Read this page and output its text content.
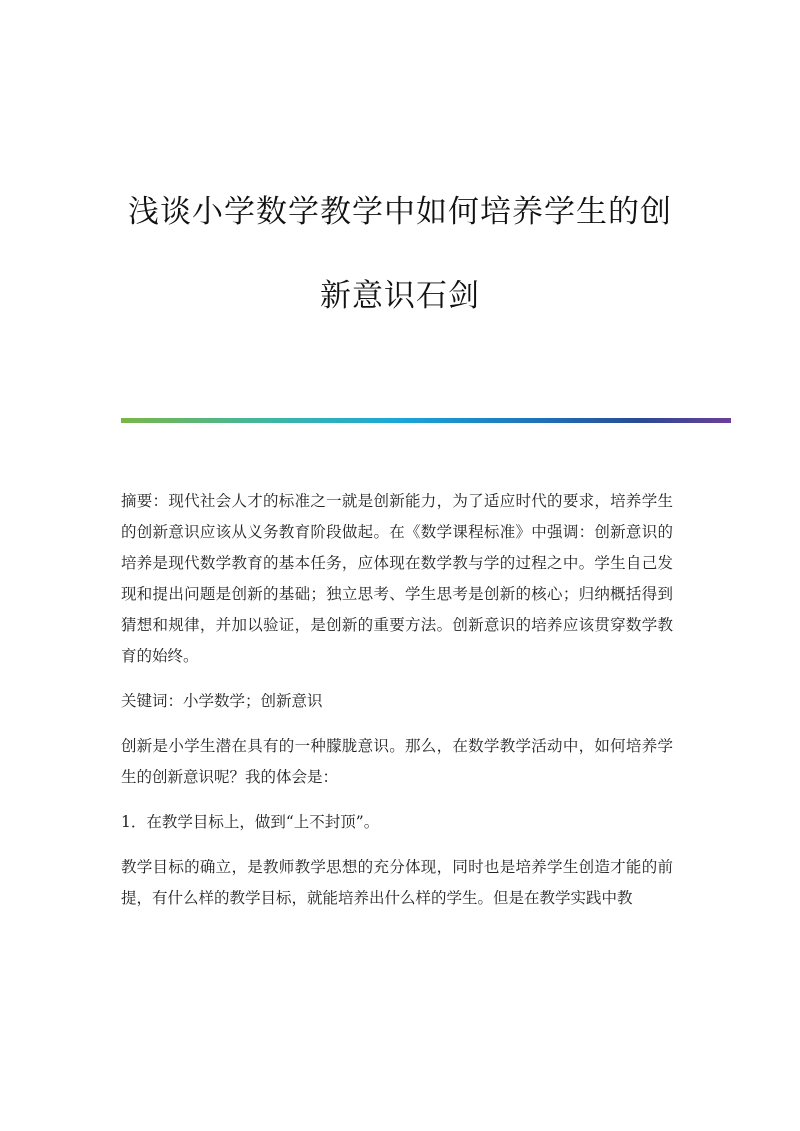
浅谈小学数学教学中如何培养学生的创
新意识石剑

摘要：现代社会人才的标准之一就是创新能力，为了适应时代的要求，培养学生的创新意识应该从义务教育阶段做起。在《数学课程标准》中强调：创新意识的培养是现代数学教育的基本任务，应体现在数学教与学的过程之中。学生自己发现和提出问题是创新的基础；独立思考、学生思考是创新的核心；归纳概括得到猜想和规律，并加以验证，是创新的重要方法。创新意识的培养应该贯穿数学教育的始终。

关键词：小学数学；创新意识

创新是小学生潜在具有的一种朦胧意识。那么，在数学教学活动中，如何培养学生的创新意识呢？我的体会是：

1．在教学目标上，做到“上不封顶”。

教学目标的确立，是教师教学思想的充分体现，同时也是培养学生创造才能的前提，有什么样的教学目标，就能培养出什么样的学生。但是在教学实践中教
